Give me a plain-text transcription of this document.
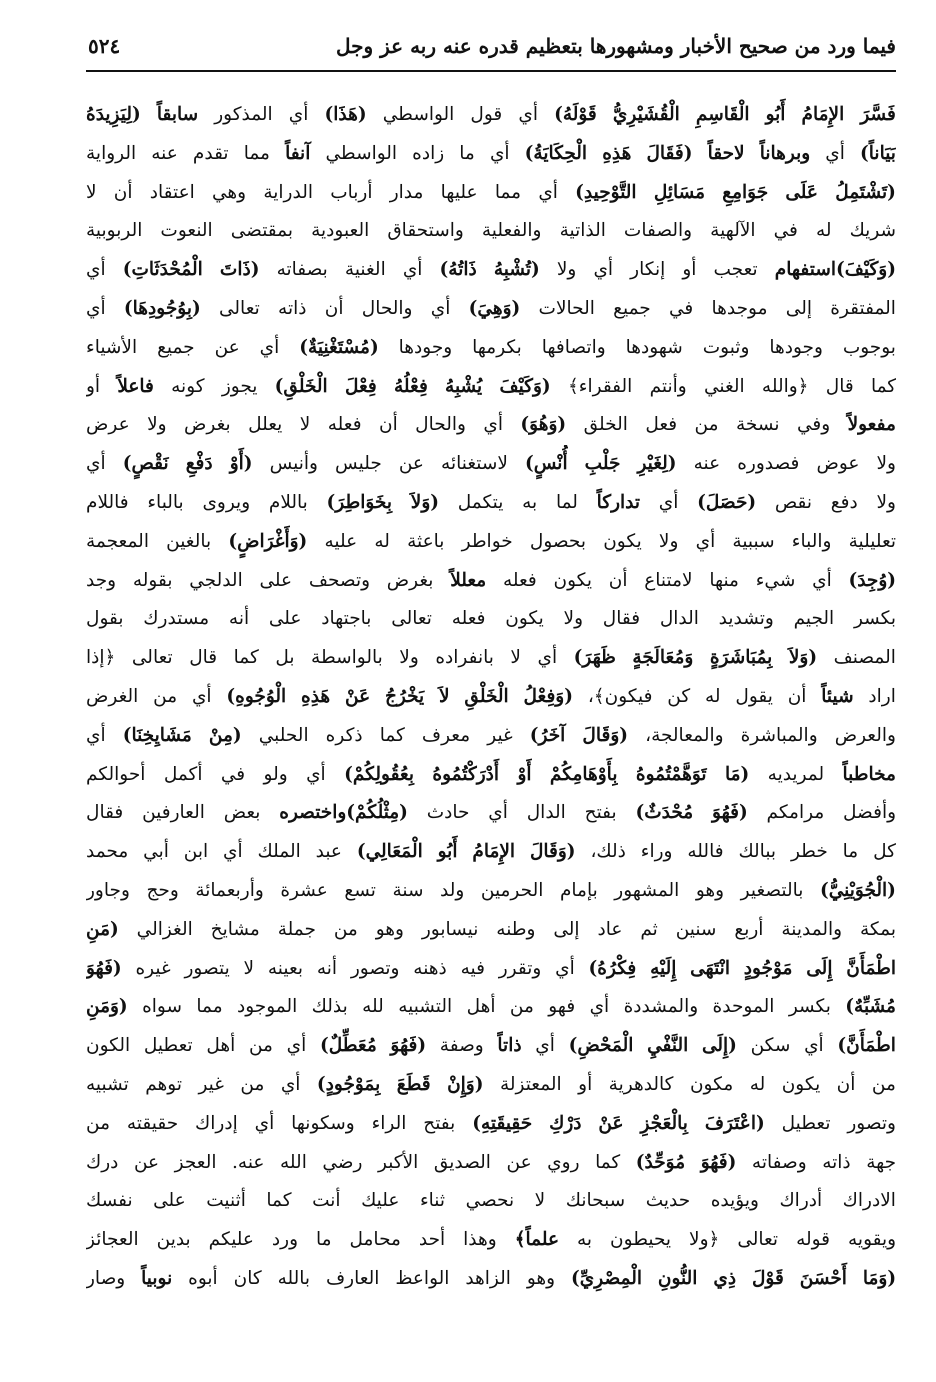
فيما ورد من صحيح الأخبار ومشهورها بتعظيم قدره عنه ربه عز وجل
٥٢٤
فَسَّرَ الإِمَامُ أَبُو الْقَاسِمِ الْقُشَيْرِيُّ قَوْلَهُ) أي قول الواسطي (هَذَا) أي المذكور سابقاً (لِيَزِيدَهُ
بَيَاناً) أي وبرهاناً لاحقاً (فَقَالَ هَذِهِ الْحِكَايَةُ) أي ما زاده الواسطي آنفاً مما تقدم عنه الرواية
(تَشْتَمِلُ عَلَى جَوَامِعِ مَسَائِلِ التَّوْحِيدِ) أي مما عليها مدار أرباب الدراية وهي اعتقاد أن لا
شريك له في الآلهية والصفات الذاتية والفعلية واستحقاق العبودية بمقتضى النعوت الربوبية
(وَكَيْفَ)استفهام تعجب أو إنكار أي ولا (تُشْبِهُ ذَاتُهُ) أي الغنية بصفاته (ذَاتَ الْمُحْدَثَاتِ) أي
المفتقرة إلى موجدها في جميع الحالات (وَهِيَ) أي والحال أن ذاته تعالى (بِوُجُودِهَا) أي
بوجوب وجودها وثبوت شهودها واتصافها بكرمها وجودها (مُسْتَغْنِيَةٌ) أي عن جميع الأشياء
كما قال ﴿والله الغني وأنتم الفقراء﴾ (وَكَيْفَ يُشْبِهُ فِعْلُهُ فِعْلَ الْخَلْقِ) يجوز كونه فاعلاً أو
مفعولاً وفي نسخة من فعل الخلق (وَهُوَ) أي والحال أن فعله لا يعلل بغرض ولا عرض
ولا عوض فصدوره عنه (لِغَيْرِ جَلْبِ أُنْسٍ) لاستغنائه عن جليس وأنيس (أَوْ دَفْعِ نَقْصٍ) أي
ولا دفع نقص (حَصَلَ) أي تداركاً لما به يتكمل (وَلاَ بِخَوَاطِرَ) باللام ويروى بالباء فاللام
تعليلية والباء سببية أي ولا يكون بحصول خواطر باعثة له عليه (وَأَغْرَاضٍ) بالغين المعجمة
(وُجِدَ) أي شيء منها لامتناع أن يكون فعله معللاً بغرض وتصحف على الدلجي بقوله وجد
بكسر الجيم وتشديد الدال فقال ولا يكون فعله تعالى باجتهاد على أنه مستدرك بقول
المصنف (وَلاَ بِمُبَاشَرَةٍ وَمُعَالَجَةٍ ظَهَرَ) أي لا بانفراده ولا بالواسطة بل كما قال تعالى ﴿إذا
اراد شيئاً أن يقول له كن فيكون﴾، (وَفِعْلُ الْخَلْقِ لاَ يَخْرُجُ عَنْ هَذِهِ الْوُجُوهِ) أي من الغرض
والعرض والمباشرة والمعالجة، (وَقَالَ آخَرُ) غير معرف كما ذكره الحلبي (مِنْ مَشَايِخِنَا) أي
مخاطباً لمريديه (مَا تَوَهَّمْتُمُوهُ بِأَوْهَامِكُمْ أَوْ أَدْرَكْتُمُوهُ بِعُقُولِكُمْ) أي ولو في أكمل أحوالكم
وأفضل مرامكم (فَهُوَ مُحْدَثٌ) بفتح الدال أي حادث (مِثْلُكُمْ)واختصره بعض العارفين فقال
كل ما خطر ببالك فالله وراء ذلك، (وَقَالَ الإِمَامُ أَبُو الْمَعَالِي) عبد الملك أي ابن أبي محمد
(الْجُوَيْنِيُّ) بالتصغير وهو المشهور بإمام الحرمين ولد سنة تسع عشرة وأربعمائة وحج وجاور
بمكة والمدينة أربع سنين ثم عاد إلى وطنه نيسابور وهو من جملة مشايخ الغزالي (مَنِ
اطْمَأَنَّ إِلَى مَوْجُودٍ انْتَهَى إِلَيْهِ فِكْرُهُ) أي وتقرر فيه ذهنه وتصور أنه بعينه لا يتصور غيره (فَهُوَ
مُشَبِّهٌ) بكسر الموحدة والمشددة أي فهو من أهل التشبيه لله بذلك الموجود مما سواه (وَمَنِ
اطْمَأَنَّ) أي سكن (إِلَى النَّفْيِ الْمَحْضِ) أي ذاتاً وصفة (فَهُوَ مُعَطِّلٌ) أي من أهل تعطيل الكون
من أن يكون له مكون كالدهرية أو المعتزلة (وَإِنْ قَطَعَ بِمَوْجُودٍ) أي من غير توهم تشبيه
وتصور تعطيل (اعْتَرَفَ بِالْعَجْزِ عَنْ دَرْكِ حَقِيقَتِهِ) بفتح الراء وسكونها أي إدراك حقيقته من
جهة ذاته وصفاته (فَهُوَ مُوَحِّدٌ) كما روي عن الصديق الأكبر رضي الله عنه. العجز عن درك
الادراك أدراك ويؤيده حديث سبحانك لا نحصي ثناء عليك أنت كما أثنيت على نفسك
ويقويه قوله تعالى ﴿ولا يحيطون به علماً﴾ وهذا أحد محامل ما ورد عليكم بدين العجائز
(وَمَا أَحْسَنَ قَوْلَ ذِي النُّونِ الْمِصْرِيِّ) وهو الزاهد الواعظ العارف بالله كان أبوه نوبياً وصار
